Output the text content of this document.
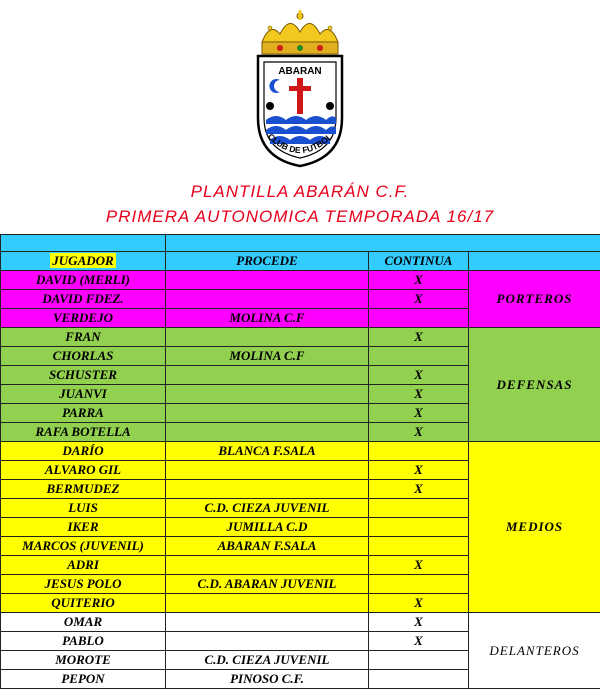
ABARAN
CLUB DE FUTBOL
PLANTILLA ABARÁN C.F.
PRIMERA AUTONOMICA TEMPORADA 16/17

JUGADOR	PROCEDE	CONTINUA	
DAVID (MERLI)		X	PORTEROS
DAVID FDEZ.		X	
VERDEJO	MOLINA C.F		
FRAN		X	DEFENSAS
CHORLAS	MOLINA C.F		
SCHUSTER		X	
JUANVI		X	
PARRA		X	
RAFA BOTELLA		X	
DARÍO	BLANCA F.SALA		MEDIOS
ALVARO GIL		X	
BERMUDEZ		X	
LUIS	C.D. CIEZA JUVENIL		
IKER	JUMILLA C.D		
MARCOS (JUVENIL)	ABARAN F.SALA		
ADRI		X	
JESUS POLO	C.D. ABARAN JUVENIL		
QUITERIO		X	
OMAR		X	DELANTEROS
PABLO		X	
MOROTE	C.D. CIEZA JUVENIL		
PEPON	PINOSO C.F.		
